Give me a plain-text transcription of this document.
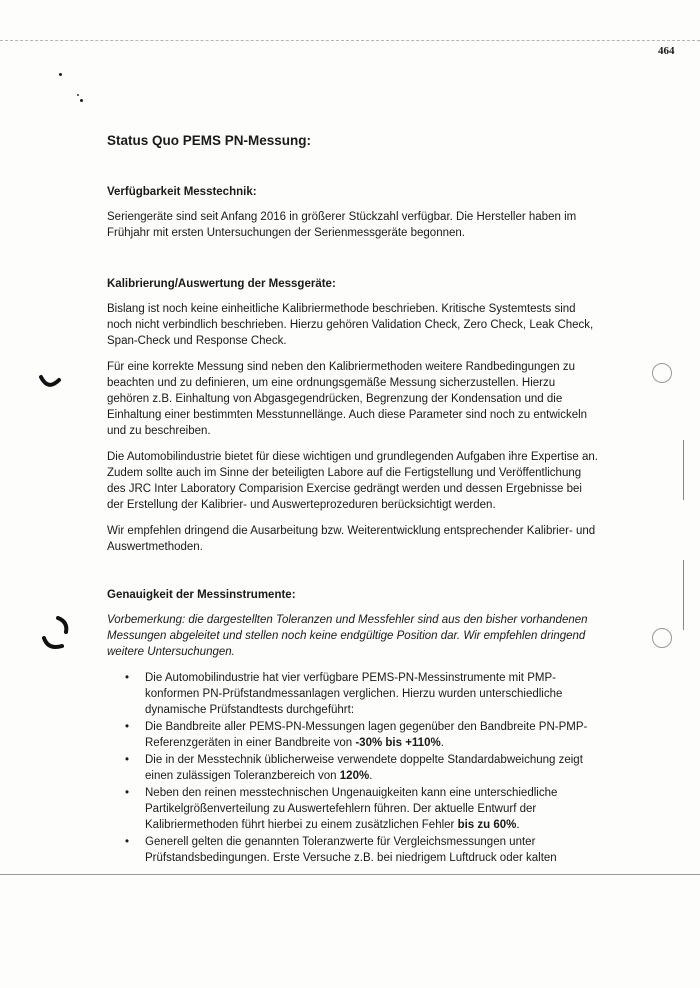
464
Status Quo PEMS PN-Messung:
Verfügbarkeit Messtechnik:

Seriengeräte sind seit Anfang 2016 in größerer Stückzahl verfügbar. Die Hersteller haben im Frühjahr mit ersten Untersuchungen der Serienmessgeräte begonnen.

Kalibrierung/Auswertung der Messgeräte:

Bislang ist noch keine einheitliche Kalibriermethode beschrieben. Kritische Systemtests sind noch nicht verbindlich beschrieben. Hierzu gehören Validation Check, Zero Check, Leak Check, Span-Check und Response Check.

Für eine korrekte Messung sind neben den Kalibriermethoden weitere Randbedingungen zu beachten und zu definieren, um eine ordnungsgemäße Messung sicherzustellen. Hierzu gehören z.B. Einhaltung von Abgasgegendrücken, Begrenzung der Kondensation und die Einhaltung einer bestimmten Messtunnellänge. Auch diese Parameter sind noch zu entwickeln und zu beschreiben.

Die Automobilindustrie bietet für diese wichtigen und grundlegenden Aufgaben ihre Expertise an. Zudem sollte auch im Sinne der beteiligten Labore auf die Fertigstellung und Veröffentlichung des JRC Inter Laboratory Comparision Exercise gedrängt werden und dessen Ergebnisse bei der Erstellung der Kalibrier- und Auswerteprozeduren berücksichtigt werden.

Wir empfehlen dringend die Ausarbeitung bzw. Weiterentwicklung entsprechender Kalibrier- und Auswertmethoden.

Genauigkeit der Messinstrumente:

Vorbemerkung: die dargestellten Toleranzen und Messfehler sind aus den bisher vorhandenen Messungen abgeleitet und stellen noch keine endgültige Position dar. Wir empfehlen dringend weitere Untersuchungen.

• Die Automobilindustrie hat vier verfügbare PEMS-PN-Messinstrumente mit PMP-konformen PN-Prüfstandmessanlagen verglichen. Hierzu wurden unterschiedliche dynamische Prüfstandtests durchgeführt:
• Die Bandbreite aller PEMS-PN-Messungen lagen gegenüber den Bandbreite PN-PMP-Referenzgeräten in einer Bandbreite von -30% bis +110%.
• Die in der Messtechnik üblicherweise verwendete doppelte Standardabweichung zeigt einen zulässigen Toleranzbereich von 120%.
• Neben den reinen messtechnischen Ungenauigkeiten kann eine unterschiedliche Partikelgrößenverteilung zu Auswertefehlern führen. Der aktuelle Entwurf der Kalibriermethoden führt hierbei zu einem zusätzlichen Fehler bis zu 60%.
• Generell gelten die genannten Toleranzwerte für Vergleichsmessungen unter Prüfstandsbedingungen. Erste Versuche z.B. bei niedrigem Luftdruck oder kalten
